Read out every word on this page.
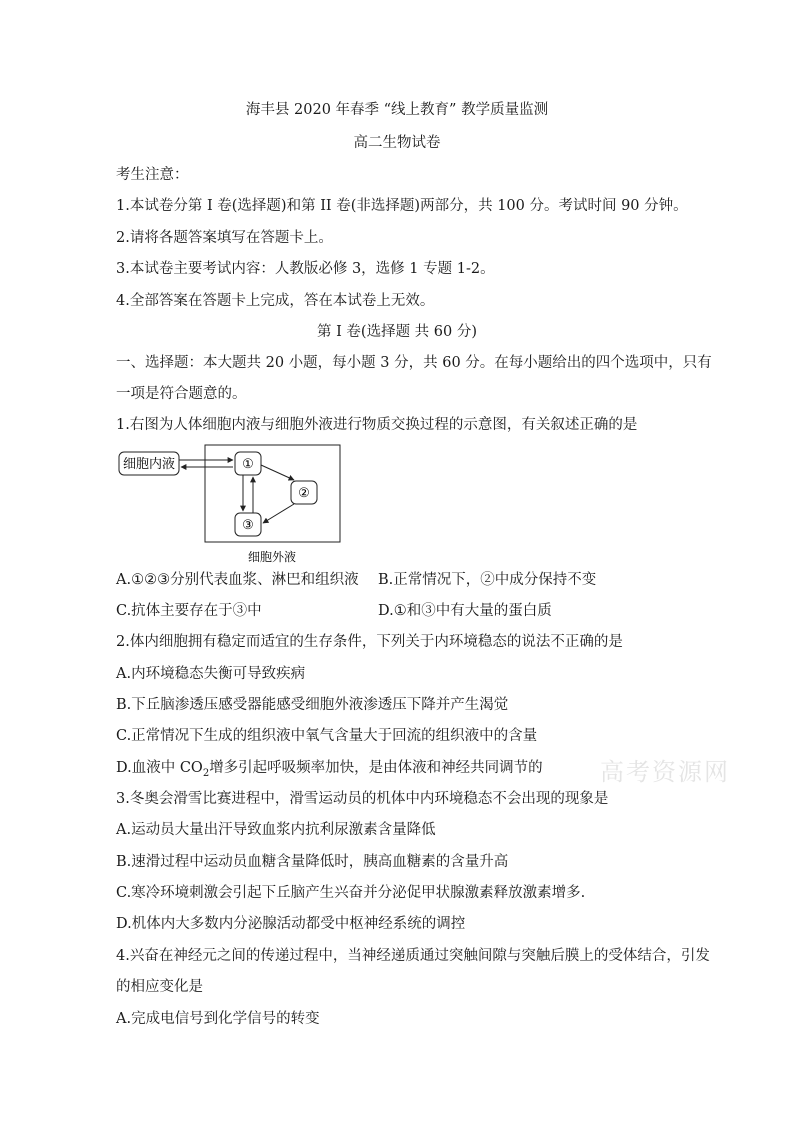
海丰县 2020 年春季 “线上教育” 教学质量监测
高二生物试卷
考生注意：
1.本试卷分第 I 卷(选择题)和第 II 卷(非选择题)两部分，共 100 分。考试时间 90 分钟。
2.请将各题答案填写在答题卡上。
3.本试卷主要考试内容：人教版必修 3，选修 1 专题 1-2。
4.全部答案在答题卡上完成，答在本试卷上无效。
第 I 卷(选择题 共 60 分)
一、选择题：本大题共 20 小题，每小题 3 分，共 60 分。在每小题给出的四个选项中，只有
一项是符合题意的。
1.右图为人体细胞内液与细胞外液进行物质交换过程的示意图，有关叙述正确的是
细胞内液	①
②
③
细胞外液
A.①②③分别代表血浆、淋巴和组织液 B.正常情况下，②中成分保持不变
C.抗体主要存在于③中	D.①和③中有大量的蛋白质
2.体内细胞拥有稳定而适宜的生存条件，下列关于内环境稳态的说法不正确的是
A.内环境稳态失衡可导致疾病
B.下丘脑渗透压感受器能感受细胞外液渗透压下降并产生渴觉
C.正常情况下生成的组织液中氧气含量大于回流的组织液中的含量
D.血液中 $CO_2$增多引起呼吸频率加快，是由体液和神经共同调节的
3.冬奥会滑雪比赛进程中，滑雪运动员的机体中内环境稳态不会出现的现象是
A.运动员大量出汗导致血浆内抗利尿激素含量降低
B.速滑过程中运动员血糖含量降低时，胰高血糖素的含量升高
C.寒冷环境刺激会引起下丘脑产生兴奋并分泌促甲状腺激素释放激素增多.
D.机体内大多数内分泌腺活动都受中枢神经系统的调控
4.兴奋在神经元之间的传递过程中，当神经递质通过突触间隙与突触后膜上的受体结合，引发
的相应变化是
A.完成电信号到化学信号的转变
高考资源网
